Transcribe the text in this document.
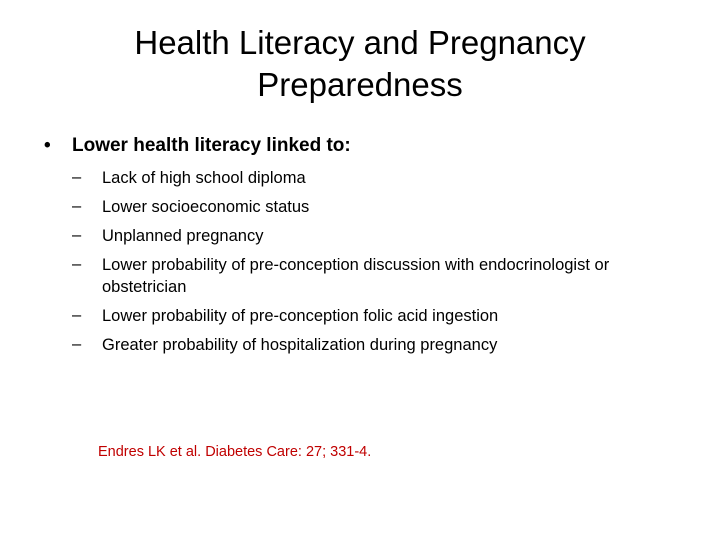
Health Literacy and Pregnancy
Preparedness
•	Lower health literacy linked to:
–	Lack of high school diploma
–	Lower socioeconomic status
–	Unplanned pregnancy
–	Lower probability of pre-conception discussion with endocrinologist or obstetrician
–	Lower probability of pre-conception folic acid ingestion
–	Greater probability of hospitalization during pregnancy
Endres LK et al. Diabetes Care: 27; 331-4.
